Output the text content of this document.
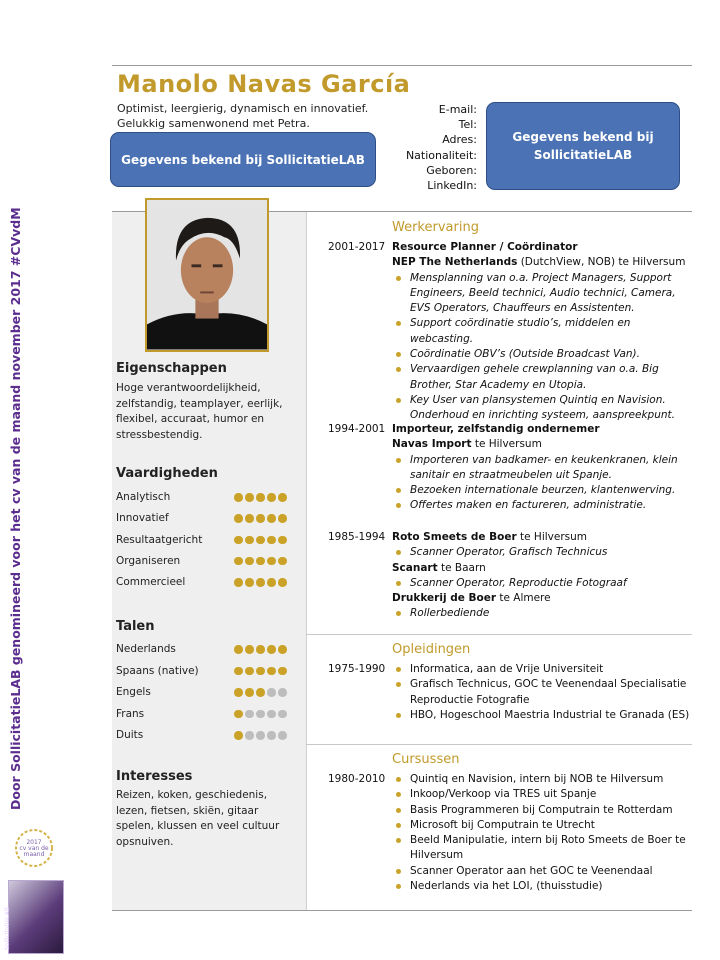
Door SollicitatieLAB genomineerd voor het cv van de maand november 2017 #CVvdM
2017
cv van de maand
SollicitatieLAB
Manolo Navas García
Optimist, leergierig, dynamisch en innovatief.
Gelukkig samenwonend met Petra.
Gegevens bekend bij SollicitatieLAB
E-mail:
Tel:
Adres:
Nationaliteit:
Geboren:
LinkedIn:
Gegevens bekend bij
SollicitatieLAB
Eigenschappen
Hoge verantwoordelijkheid, zelfstandig, teamplayer, eerlijk, flexibel, accuraat, humor en stressbestendig.
Vaardigheden
Analytisch
Innovatief
Resultaatgericht
Organiseren
Commercieel
Talen
Nederlands
Spaans (native)
Engels
Frans
Duits
Interesses
Reizen, koken, geschiedenis, lezen, fietsen, skiën, gitaar spelen, klussen en veel cultuur opsnuiven.
Werkervaring
2001-2017 Resource Planner / Coördinator
NEP The Netherlands (DutchView, NOB) te Hilversum
Mensplanning van o.a. Project Managers, Support Engineers, Beeld technici, Audio technici, Camera, EVS Operators, Chauffeurs en Assistenten.
Support coördinatie studio’s, middelen en webcasting.
Coördinatie OBV’s (Outside Broadcast Van).
Vervaardigen gehele crewplanning van o.a. Big Brother, Star Academy en Utopia.
Key User van plansystemen Quintiq en Navision. Onderhoud en inrichting systeem, aanspreekpunt.
1994-2001 Importeur, zelfstandig ondernemer
Navas Import te Hilversum
Importeren van badkamer- en keukenkranen, klein sanitair en straatmeubelen uit Spanje.
Bezoeken internationale beurzen, klantenwerving.
Offertes maken en factureren, administratie.
1985-1994 Roto Smeets de Boer te Hilversum
Scanner Operator, Grafisch Technicus
Scanart te Baarn
Scanner Operator, Reproductie Fotograaf
Drukkerij de Boer te Almere
Rollerbediende
Opleidingen
1975-1990	Informatica, aan de Vrije Universiteit
Grafisch Technicus, GOC te Veenendaal Specialisatie Reproductie Fotografie
HBO, Hogeschool Maestria Industrial te Granada (ES)
Cursussen
1980-2010	Quintiq en Navision, intern bij NOB te Hilversum
Inkoop/Verkoop via TRES uit Spanje
Basis Programmeren bij Computrain te Rotterdam
Microsoft bij Computrain te Utrecht
Beeld Manipulatie, intern bij Roto Smeets de Boer te Hilversum
Scanner Operator aan het GOC te Veenendaal
Nederlands via het LOI, (thuisstudie)
